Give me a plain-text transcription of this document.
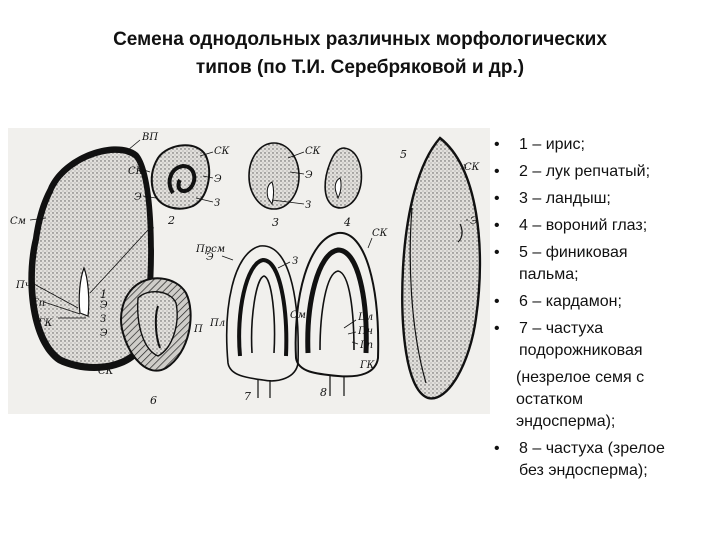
Семена однодольных различных морфологических
типов (по Т.И. Серебряковой и др.)
ВП
СК
Э
З
См
Пч
Гп
ГК
СК
Э
З
СК
Э
З
СК
Э
Прсм
Э	З
Э
З
Э
СК
П
Пл
СК
См	Цл
Пч
Гп
ГК
1
2	3	4
5
6	7	8
• 1 – ирис;
• 2 – лук репчатый;
• 3 – ландыш;
• 4 – вороний глаз;
• 5 – финиковая
пальма;
• 6 – кардамон;
• 7 – частуха
подорожниковая
(незрелое семя с
остатком
эндосперма);
• 8 – частуха (зрелое
без эндосперма);
